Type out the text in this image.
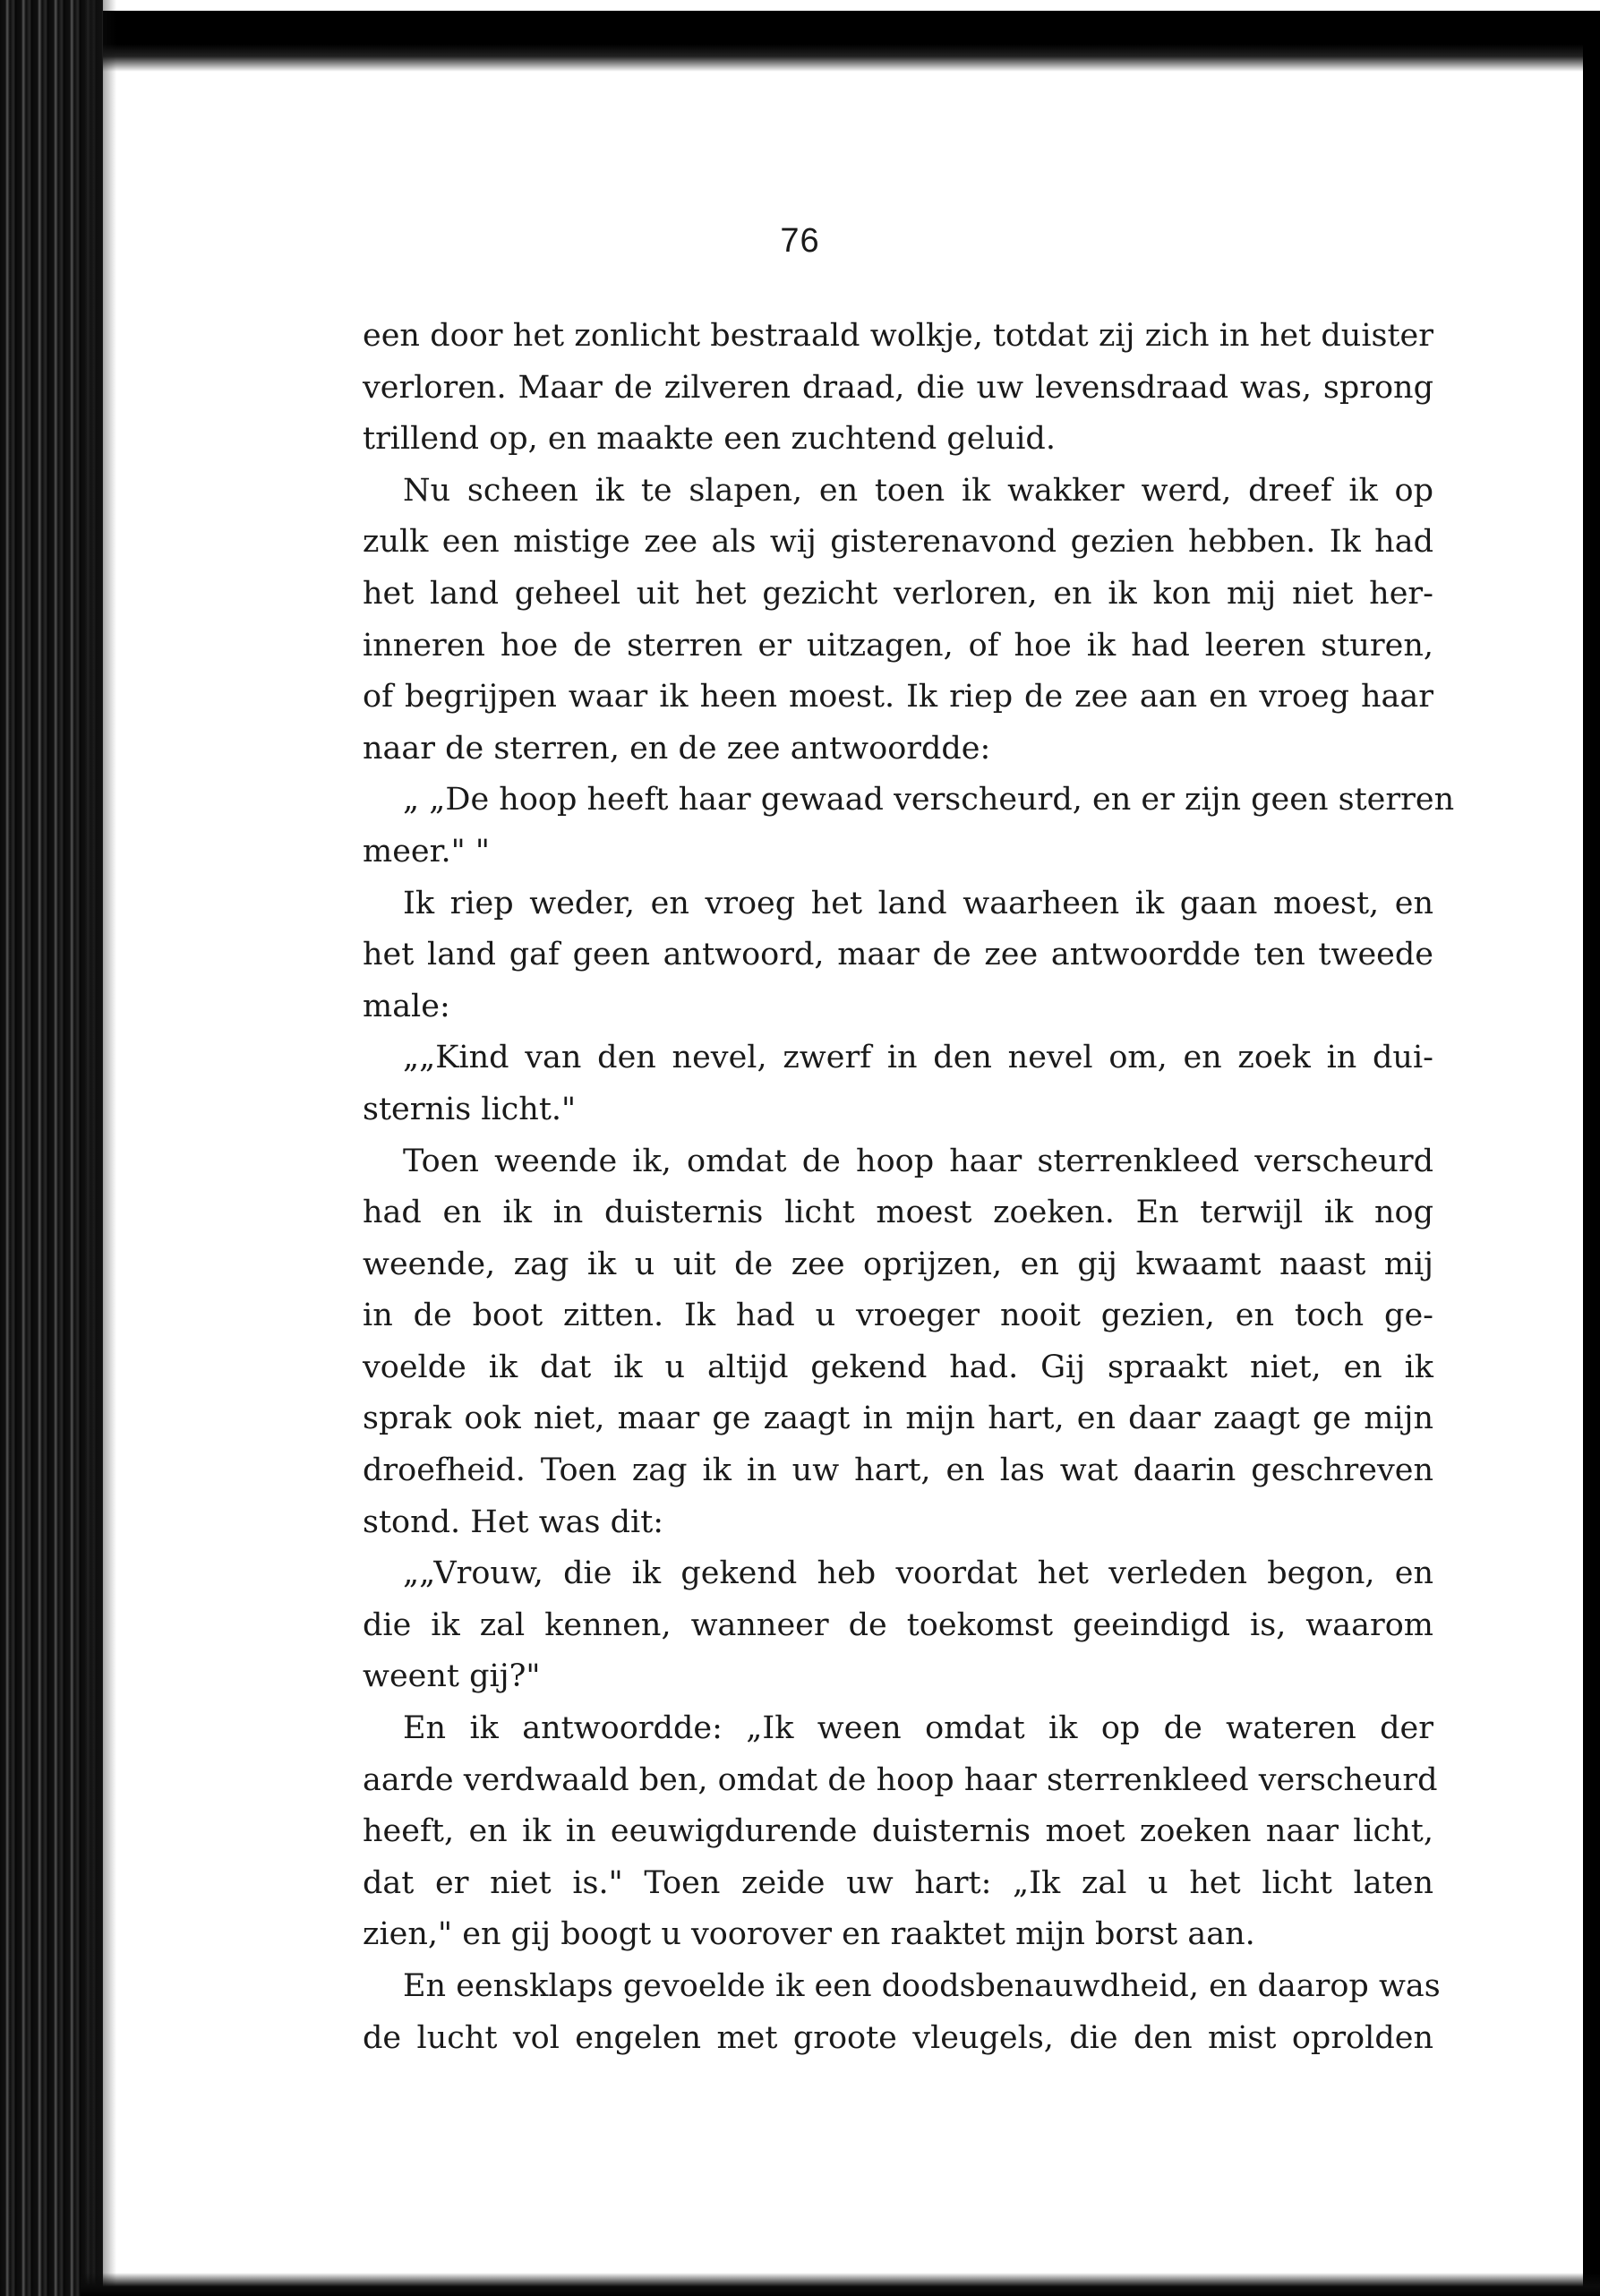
76
een door het zonlicht bestraald wolkje, totdat zij zich in het duister
verloren. Maar de zilveren draad, die uw levensdraad was, sprong
trillend op, en maakte een zuchtend geluid.
Nu scheen ik te slapen, en toen ik wakker werd, dreef ik op
zulk een mistige zee als wij gisterenavond gezien hebben. Ik had
het land geheel uit het gezicht verloren, en ik kon mij niet her-
inneren hoe de sterren er uitzagen, of hoe ik had leeren sturen,
of begrijpen waar ik heen moest. Ik riep de zee aan en vroeg haar
naar de sterren, en de zee antwoordde:
„ „De hoop heeft haar gewaad verscheurd, en er zijn geen sterren
meer." "
Ik riep weder, en vroeg het land waarheen ik gaan moest, en
het land gaf geen antwoord, maar de zee antwoordde ten tweede
male:
„„Kind van den nevel, zwerf in den nevel om, en zoek in dui-
sternis licht."
Toen weende ik, omdat de hoop haar sterrenkleed verscheurd
had en ik in duisternis licht moest zoeken. En terwijl ik nog
weende, zag ik u uit de zee oprijzen, en gij kwaamt naast mij
in de boot zitten. Ik had u vroeger nooit gezien, en toch ge-
voelde ik dat ik u altijd gekend had. Gij spraakt niet, en ik
sprak ook niet, maar ge zaagt in mijn hart, en daar zaagt ge mijn
droefheid. Toen zag ik in uw hart, en las wat daarin geschreven
stond. Het was dit:
„„Vrouw, die ik gekend heb voordat het verleden begon, en
die ik zal kennen, wanneer de toekomst geeindigd is, waarom
weent gij?"
En ik antwoordde: „Ik ween omdat ik op de wateren der
aarde verdwaald ben, omdat de hoop haar sterrenkleed verscheurd
heeft, en ik in eeuwigdurende duisternis moet zoeken naar licht,
dat er niet is." Toen zeide uw hart: „Ik zal u het licht laten
zien," en gij boogt u voorover en raaktet mijn borst aan.
En eensklaps gevoelde ik een doodsbenauwdheid, en daarop was
de lucht vol engelen met groote vleugels, die den mist oprolden
